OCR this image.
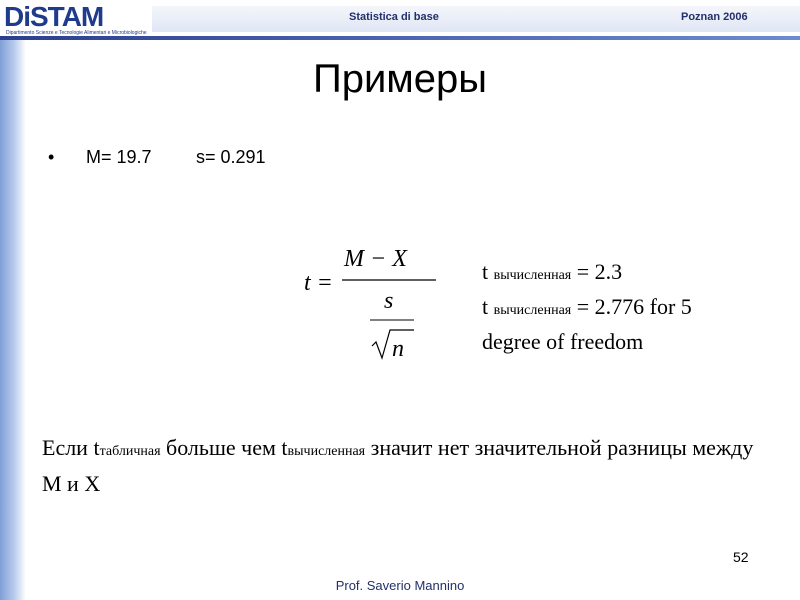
DiSTAM
Dipartimento Scienze e Tecnologie Alimentari e Microbiologiche
Statistica di base	Poznan 2006
Примеры
• M= 19.7 s= 0.291
t =
M − X
s
n
t вычисленная = 2.3
t вычисленная = 2.776 for 5
degree of freedom
Если tтабличная больше чем tвычисленная значит нет значительной разницы между M и X
52
Prof. Saverio Mannino
